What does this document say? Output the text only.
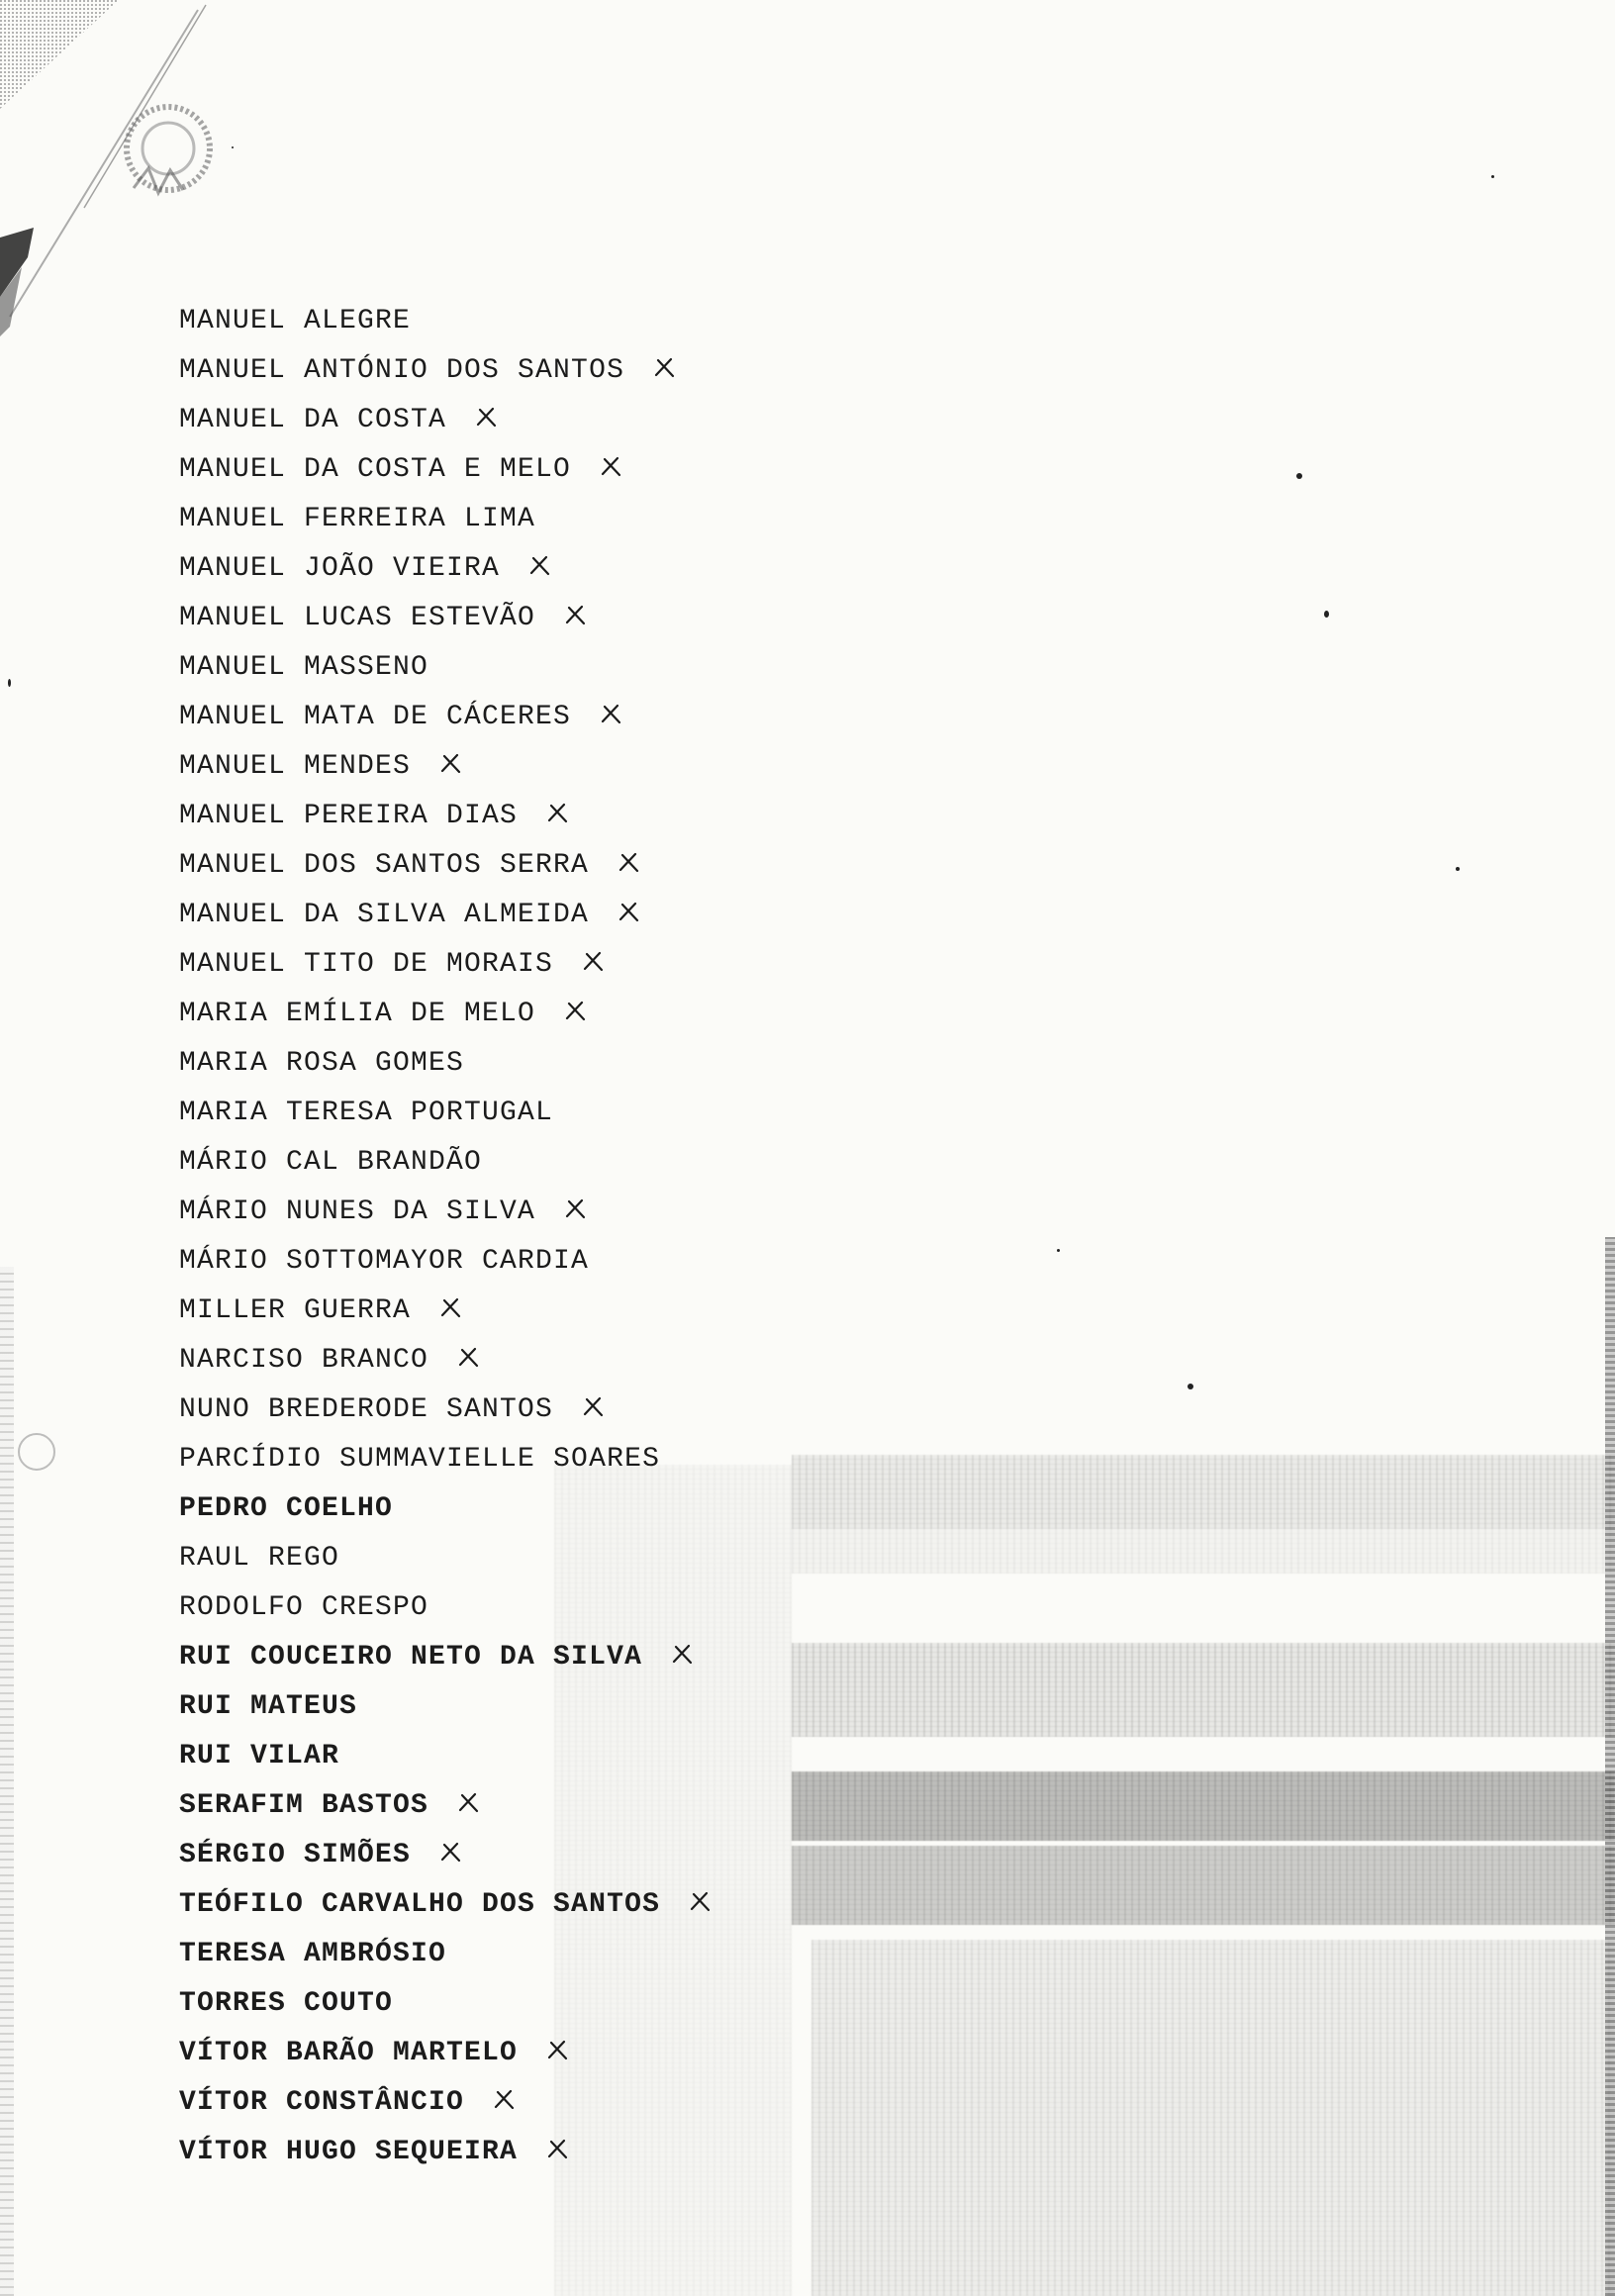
MANUEL ALEGRE
MANUEL ANTÓNIO DOS SANTOS
MANUEL DA COSTA
MANUEL DA COSTA E MELO
MANUEL FERREIRA LIMA
MANUEL JOÃO VIEIRA
MANUEL LUCAS ESTEVÃO
MANUEL MASSENO
MANUEL MATA DE CÁCERES
MANUEL MENDES
MANUEL PEREIRA DIAS
MANUEL DOS SANTOS SERRA
MANUEL DA SILVA ALMEIDA
MANUEL TITO DE MORAIS
MARIA EMÍLIA DE MELO
MARIA ROSA GOMES
MARIA TERESA PORTUGAL
MÁRIO CAL BRANDÃO
MÁRIO NUNES DA SILVA
MÁRIO SOTTOMAYOR CARDIA
MILLER GUERRA
NARCISO BRANCO
NUNO BREDERODE SANTOS
PARCÍDIO SUMMAVIELLE SOARES
PEDRO COELHO
RAUL REGO
RODOLFO CRESPO
RUI COUCEIRO NETO DA SILVA
RUI MATEUS
RUI VILAR
SERAFIM BASTOS
SÉRGIO SIMÕES
TEÓFILO CARVALHO DOS SANTOS
TERESA AMBRÓSIO
TORRES COUTO
VÍTOR BARÃO MARTELO
VÍTOR CONSTÂNCIO
VÍTOR HUGO SEQUEIRA
